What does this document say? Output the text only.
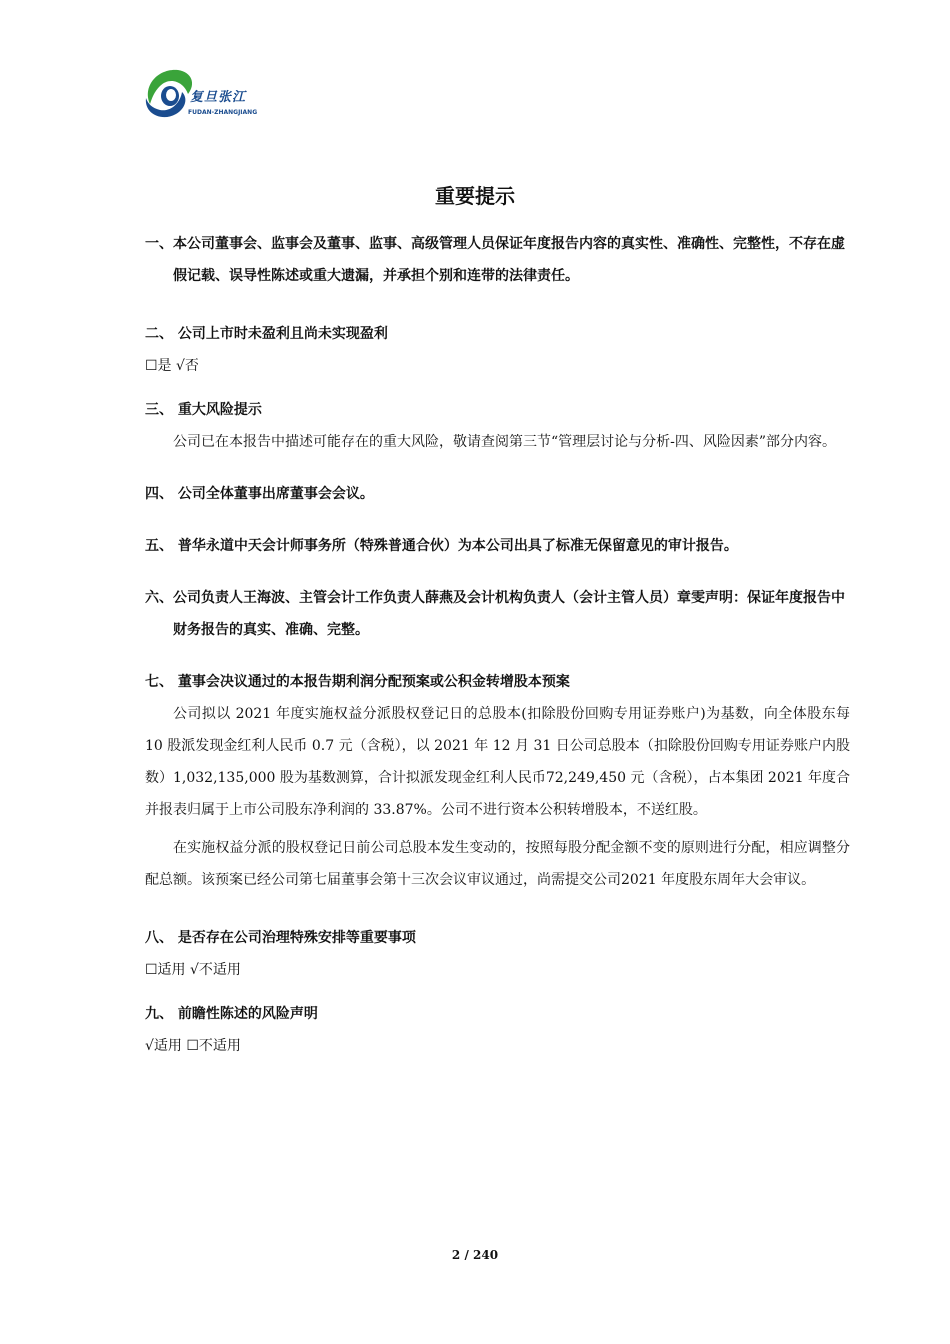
复旦张江
FUDAN-ZHANGJIANG
重要提示
一、本公司董事会、监事会及董事、监事、高级管理人员保证年度报告内容的真实性、准确性、完整性，不存在虚假记载、误导性陈述或重大遗漏，并承担个别和连带的法律责任。
二、 公司上市时未盈利且尚未实现盈利
☐是 √否
三、 重大风险提示
公司已在本报告中描述可能存在的重大风险，敬请查阅第三节“管理层讨论与分析-四、风险因素”部分内容。
四、 公司全体董事出席董事会会议。
五、 普华永道中天会计师事务所（特殊普通合伙）为本公司出具了标准无保留意见的审计报告。
六、公司负责人王海波、主管会计工作负责人薛燕及会计机构负责人（会计主管人员）章雯声明：保证年度报告中财务报告的真实、准确、完整。
七、 董事会决议通过的本报告期利润分配预案或公积金转增股本预案
公司拟以 2021 年度实施权益分派股权登记日的总股本(扣除股份回购专用证券账户)为基数，向全体股东每 10 股派发现金红利人民币 0.7 元（含税），以 2021 年 12 月 31 日公司总股本（扣除股份回购专用证券账户内股数）1,032,135,000 股为基数测算，合计拟派发现金红利人民币72,249,450 元（含税），占本集团 2021 年度合并报表归属于上市公司股东净利润的 33.87%。公司不进行资本公积转增股本，不送红股。
在实施权益分派的股权登记日前公司总股本发生变动的，按照每股分配金额不变的原则进行分配，相应调整分配总额。该预案已经公司第七届董事会第十三次会议审议通过，尚需提交公司2021 年度股东周年大会审议。
八、 是否存在公司治理特殊安排等重要事项
☐适用 √不适用
九、 前瞻性陈述的风险声明
√适用 ☐不适用
2 / 240
